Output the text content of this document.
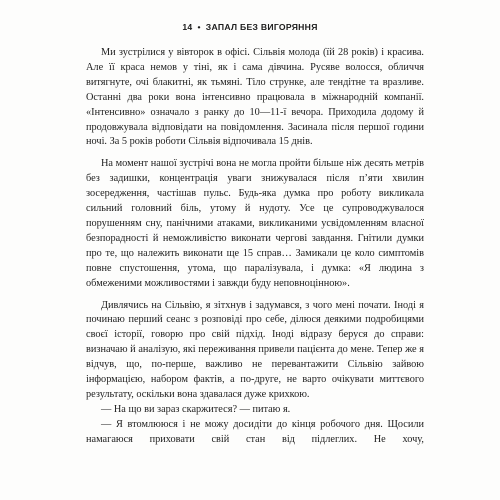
14 • ЗАПАЛ БЕЗ ВИГОРЯННЯ

Ми зустрілися у вівторок в офісі. Сільвія молода (їй 28 років) і красива. Але її краса немов у тіні, як і сама дівчина. Русяве волосся, обличчя витягнуте, очі блакитні, як тьмяні. Тіло струнке, але тендітне та вразливе. Останні два роки вона інтенсивно працювала в міжнародній компанії. «Інтенсивно» означало з ранку до 10—11-ї вечора. Приходила додому й продовжувала відповідати на повідомлення. Засинала після першої години ночі. За 5 років роботи Сільвія відпочивала 15 днів.

На момент нашої зустрічі вона не могла пройти більше ніж десять метрів без задишки, концентрація уваги знижувалася після п’яти хвилин зосередження, частішав пульс. Будь-яка думка про роботу викликала сильний головний біль, утому й нудоту. Усе це супроводжувалося порушенням сну, панічними атаками, викликаними усвідомленням власної безпорадності й неможливістю виконати чергові завдання. Гнітили думки про те, що належить виконати ще 15 справ… Замикали це коло симптомів повне спустошення, утома, що паралізувала, і думка: «Я людина з обмеженими можливостями і завжди буду неповноцінною».

Дивлячись на Сільвію, я зітхнув і задумався, з чого мені почати. Іноді я починаю перший сеанс з розповіді про себе, ділюся деякими подробицями своєї історії, говорю про свій підхід. Іноді відразу беруся до справи: визначаю й аналізую, які переживання привели пацієнта до мене. Тепер же я відчув, що, по-перше, важливо не перевантажити Сільвію зайвою інформацією, набором фактів, а по-друге, не варто очікувати миттєвого результату, оскільки вона здавалася дуже крихкою.

— На що ви зараз скаржитеся? — питаю я.

— Я втомлююся і не можу досидіти до кінця робочого дня. Щосили намагаюся приховати свій стан від підлеглих. Не хочу,
